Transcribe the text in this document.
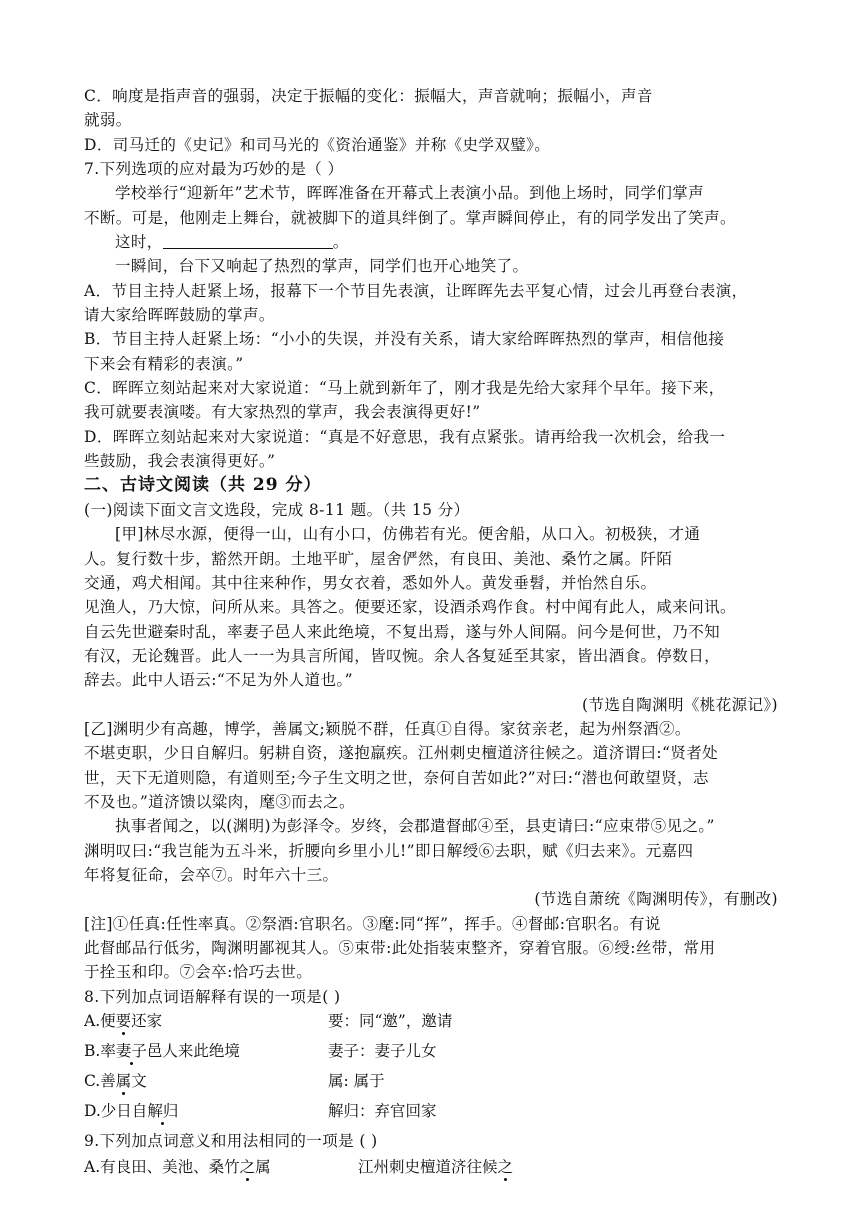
C．响度是指声音的强弱，决定于振幅的变化：振幅大，声音就响；振幅小，声音
就弱。
D．司马迁的《史记》和司马光的《资治通鉴》并称《史学双璧》。
7.下列选项的应对最为巧妙的是（ ）
学校举行“迎新年”艺术节，晖晖准备在开幕式上表演小品。到他上场时，同学们掌声
不断。可是，他刚走上舞台，就被脚下的道具绊倒了。掌声瞬间停止，有的同学发出了笑声。
这时，	。
一瞬间，台下又响起了热烈的掌声，同学们也开心地笑了。
A．节目主持人赶紧上场，报幕下一个节目先表演，让晖晖先去平复心情，过会儿再登台表演，
请大家给晖晖鼓励的掌声。
B．节目主持人赶紧上场：“小小的失误，并没有关系，请大家给晖晖热烈的掌声，相信他接
下来会有精彩的表演。”
C．晖晖立刻站起来对大家说道：“马上就到新年了，刚才我是先给大家拜个早年。接下来，
我可就要表演喽。有大家热烈的掌声，我会表演得更好!”
D．晖晖立刻站起来对大家说道：“真是不好意思，我有点紧张。请再给我一次机会，给我一
些鼓励，我会表演得更好。”
二、古诗文阅读（共 29 分）
(一)阅读下面文言文选段，完成 8-11 题。（共 15 分）
[甲]林尽水源，便得一山，山有小口，仿佛若有光。便舍船，从口入。初极狭，才通
人。复行数十步，豁然开朗。土地平旷，屋舍俨然，有良田、美池、桑竹之属。阡陌
交通，鸡犬相闻。其中往来种作，男女衣着，悉如外人。黄发垂髫，并怡然自乐。
见渔人，乃大惊，问所从来。具答之。便要还家，设酒杀鸡作食。村中闻有此人，咸来问讯。
自云先世避秦时乱，率妻子邑人来此绝境，不复出焉，遂与外人间隔。问今是何世，乃不知
有汉，无论魏晋。此人一一为具言所闻，皆叹惋。余人各复延至其家，皆出酒食。停数日，
辞去。此中人语云:“不足为外人道也。”
(节选自陶渊明《桃花源记》)
[乙]渊明少有高趣，博学，善属文;颖脱不群，任真①自得。家贫亲老，起为州祭酒②。
不堪吏职，少日自解归。躬耕自资，遂抱羸疾。江州刺史檀道济往候之。道济谓曰:“贤者处
世，天下无道则隐，有道则至;今子生文明之世，奈何自苦如此?”对曰:“潜也何敢望贤，志
不及也。”道济馈以粱肉，麾③而去之。
执事者闻之，以(渊明)为彭泽令。岁终，会郡遣督邮④至，县吏请曰:“应束带⑤见之。”
渊明叹曰:“我岂能为五斗米，折腰向乡里小儿!”即日解绶⑥去职，赋《归去来》。元嘉四
年将复征命，会卒⑦。时年六十三。
(节选自萧统《陶渊明传》，有删改)
[注]①任真:任性率真。②祭酒:官职名。③麾:同“挥”，挥手。④督邮:官职名。有说
此督邮品行低劣，陶渊明鄙视其人。⑤束带:此处指装束整齐，穿着官服。⑥绶:丝带，常用
于拴玉和印。⑦会卒:恰巧去世。
8.下列加点词语解释有误的一项是( )
A.便要还家	要：同“邀”，邀请
B.率妻子邑人来此绝境	妻子：妻子儿女
C.善属文	属: 属于
D.少日自解归	解归：弃官回家
9.下列加点词意义和用法相同的一项是 ( )
A.有良田、美池、桑竹之属	江州刺史檀道济往候之
